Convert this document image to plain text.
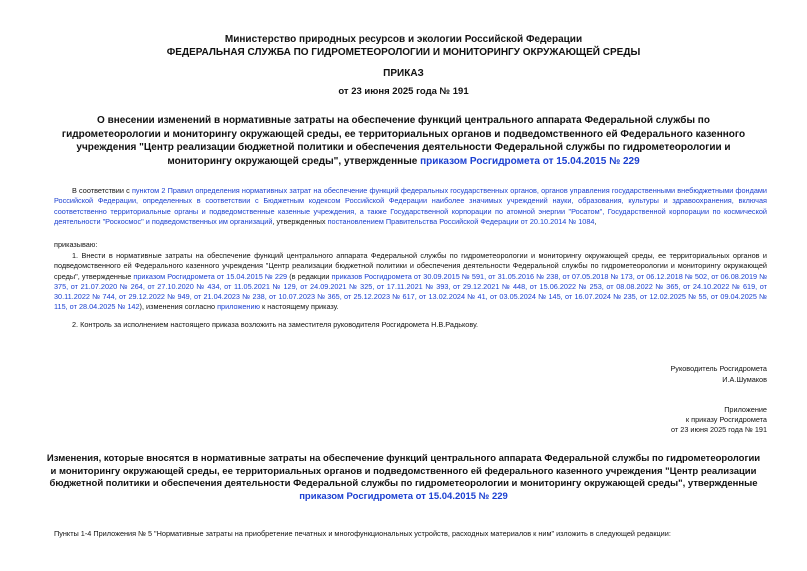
Министерство природных ресурсов и экологии Российской Федерации
ФЕДЕРАЛЬНАЯ СЛУЖБА ПО ГИДРОМЕТЕОРОЛОГИИ И МОНИТОРИНГУ ОКРУЖАЮЩЕЙ СРЕДЫ
ПРИКАЗ
от 23 июня 2025 года № 191
О внесении изменений в нормативные затраты на обеспечение функций центрального аппарата Федеральной службы по гидрометеорологии и мониторингу окружающей среды, ее территориальных органов и подведомственного ей Федерального казенного учреждения "Центр реализации бюджетной политики и обеспечения деятельности Федеральной службы по гидрометеорологии и мониторингу окружающей среды", утвержденные приказом Росгидромета от 15.04.2015 № 229
В соответствии с пунктом 2 Правил определения нормативных затрат на обеспечение функций федеральных государственных органов, органов управления государственными внебюджетными фондами Российской Федерации, определенных в соответствии с Бюджетным кодексом Российской Федерации наиболее значимых учреждений науки, образования, культуры и здравоохранения, включая соответственно территориальные органы и подведомственные казенные учреждения, а также Государственной корпорации по атомной энергии "Росатом", Государственной корпорации по космической деятельности "Роскосмос" и подведомственных им организаций, утвержденных постановлением Правительства Российской Федерации от 20.10.2014 № 1084,
приказываю:
1. Внести в нормативные затраты на обеспечение функций центрального аппарата Федеральной службы по гидрометеорологии и мониторингу окружающей среды, ее территориальных органов и подведомственного ей Федерального казенного учреждения "Центр реализации бюджетной политики и обеспечения деятельности Федеральной службы по гидрометеорологии и мониторингу окружающей среды", утвержденные приказом Росгидромета от 15.04.2015 № 229 (в редакции приказов Росгидромета от 30.09.2015 № 591, от 31.05.2016 № 238, от 07.05.2018 № 173, от 06.12.2018 № 502, от 06.08.2019 № 375, от 21.07.2020 № 264, от 27.10.2020 № 434, от 11.05.2021 № 129, от 24.09.2021 № 325, от 17.11.2021 № 393, от 29.12.2021 № 448, от 15.06.2022 № 253, от 08.08.2022 № 365, от 24.10.2022 № 619, от 30.11.2022 № 744, от 29.12.2022 № 949, от 21.04.2023 № 238, от 10.07.2023 № 365, от 25.12.2023 № 617, от 13.02.2024 № 41, от 03.05.2024 № 145, от 16.07.2024 № 235, от 12.02.2025 № 55, от 09.04.2025 № 115, от 28.04.2025 № 142), изменения согласно приложению к настоящему приказу.
2. Контроль за исполнением настоящего приказа возложить на заместителя руководителя Росгидромета Н.В.Радькову.
Руководитель Росгидромета
И.А.Шумаков
Приложение
к приказу Росгидромета
от 23 июня 2025 года № 191
Изменения, которые вносятся в нормативные затраты на обеспечение функций центрального аппарата Федеральной службы по гидрометеорологии и мониторингу окружающей среды, ее территориальных органов и подведомственного ей федерального казенного учреждения "Центр реализации бюджетной политики и обеспечения деятельности Федеральной службы по гидрометеорологии и мониторингу окружающей среды", утвержденные приказом Росгидромета от 15.04.2015 № 229
Пункты 1-4 Приложения № 5 "Нормативные затраты на приобретение печатных и многофункциональных устройств, расходных материалов к ним" изложить в следующей редакции:
